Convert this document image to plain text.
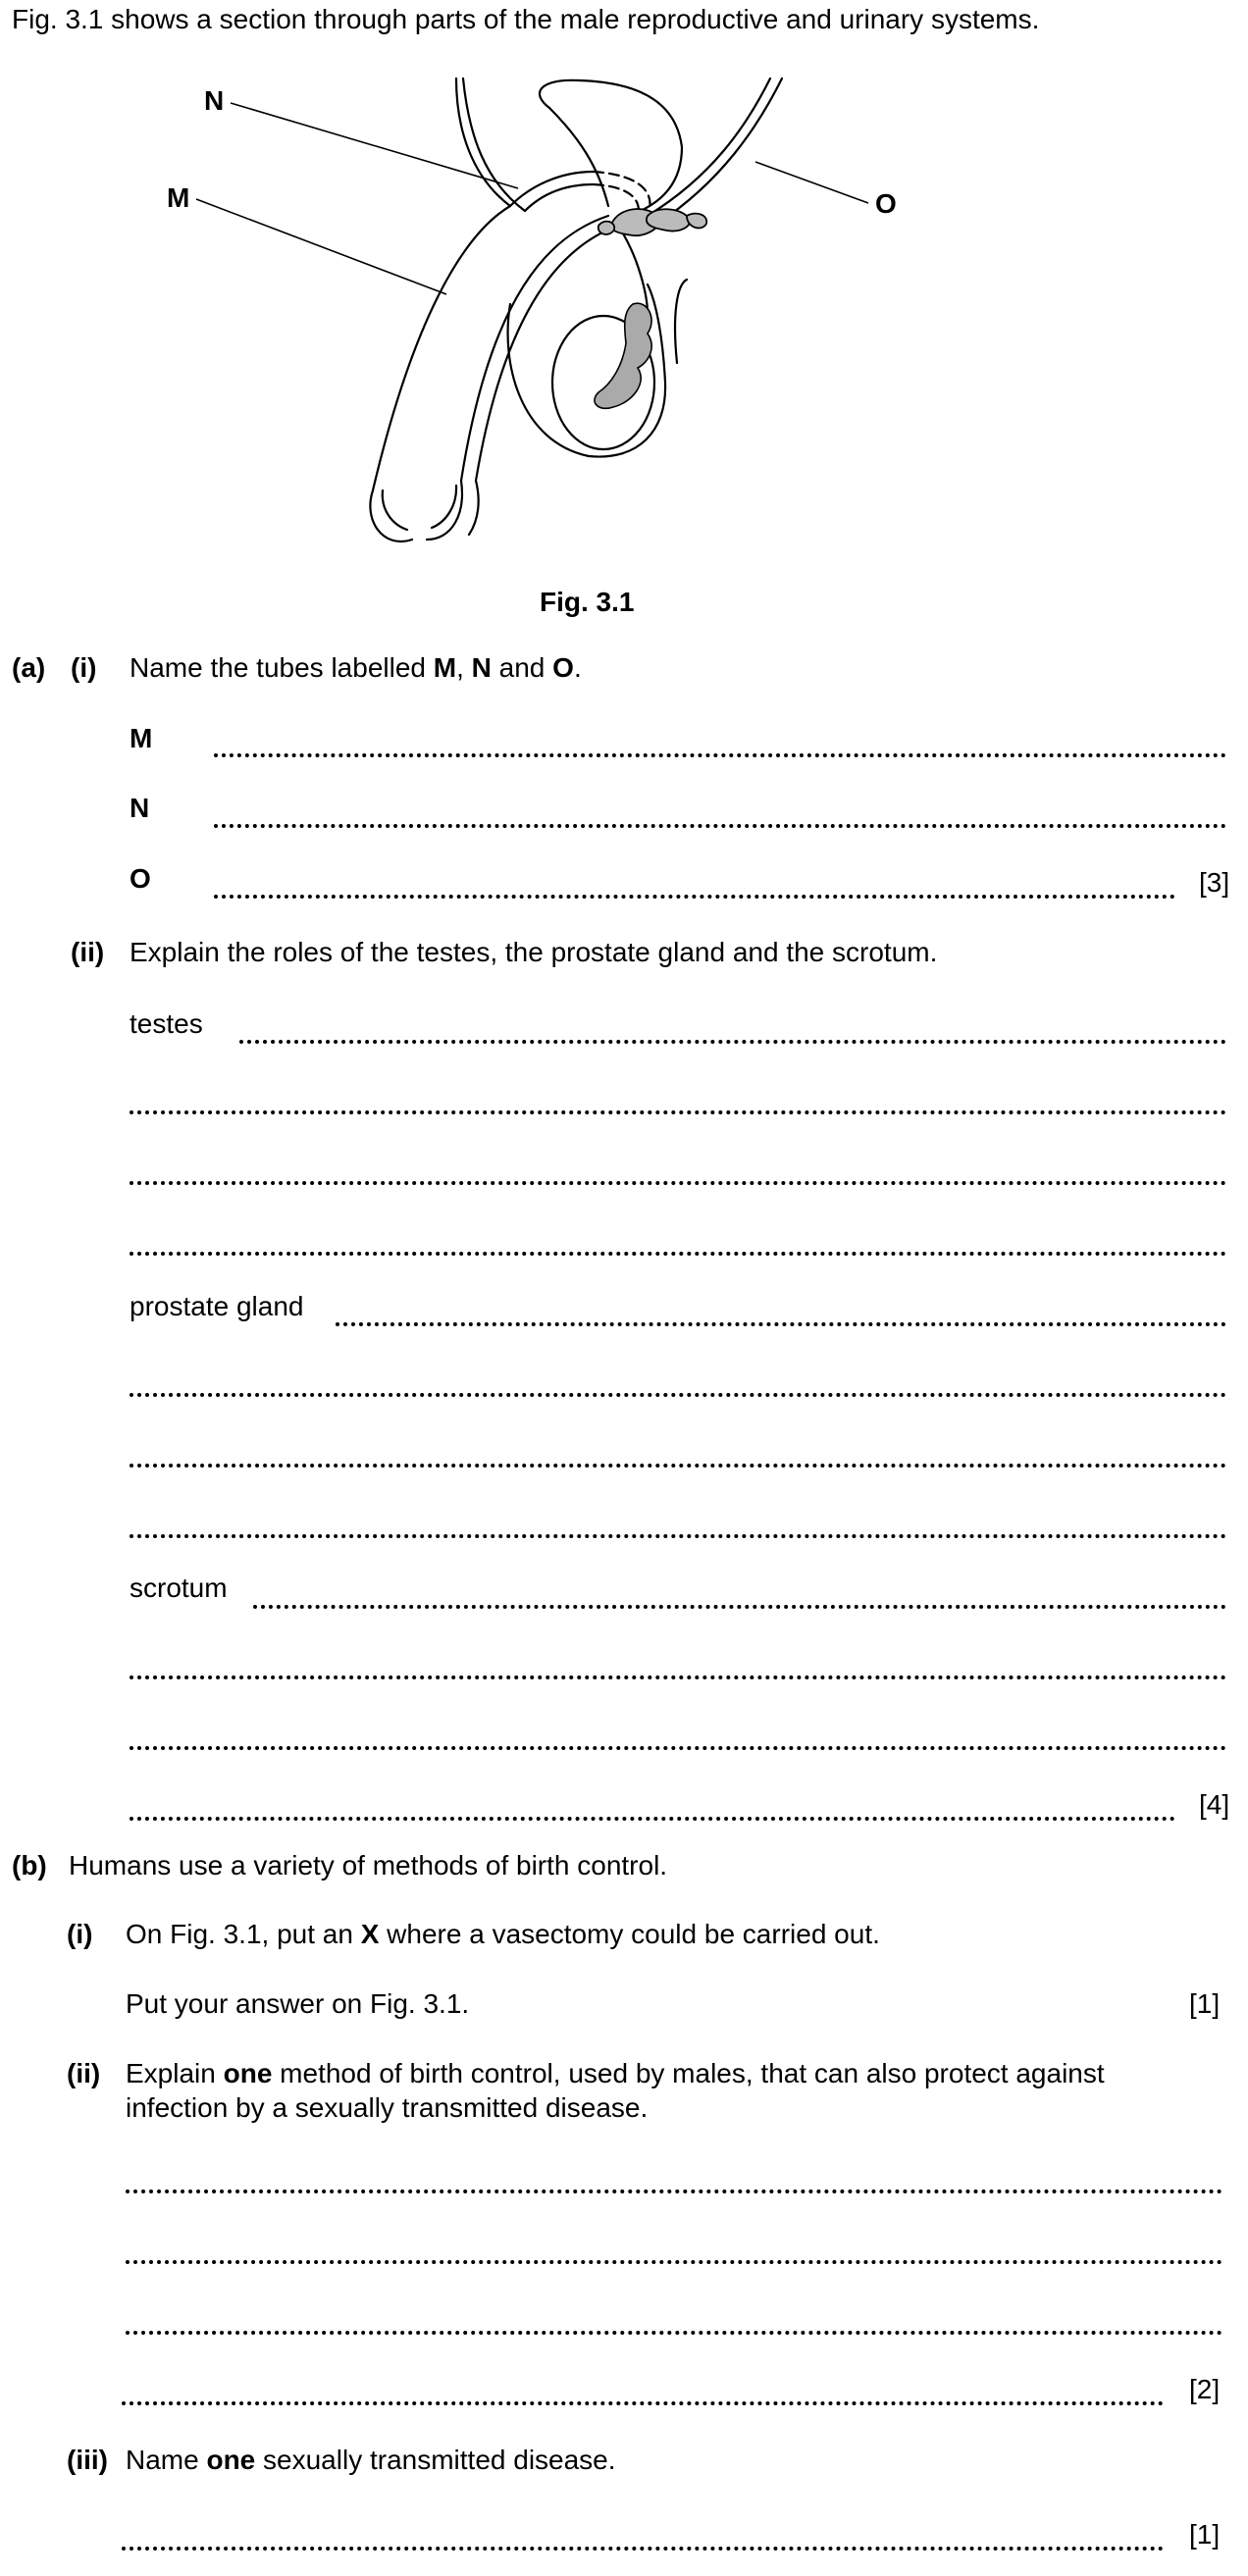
Fig. 3.1 shows a section through parts of the male reproductive and urinary systems.
N
M	O
Fig. 3.1
(a) (i) Name the tubes labelled M, N and O.
M
N
O	[3]
(ii) Explain the roles of the testes, the prostate gland and the scrotum.
testes
prostate gland
scrotum
[4]
(b) Humans use a variety of methods of birth control.
(i) On Fig. 3.1, put an X where a vasectomy could be carried out.
Put your answer on Fig. 3.1.	[1]
(ii) Explain one method of birth control, used by males, that can also protect against
infection by a sexually transmitted disease.
[2]
(iii) Name one sexually transmitted disease.
[1]
